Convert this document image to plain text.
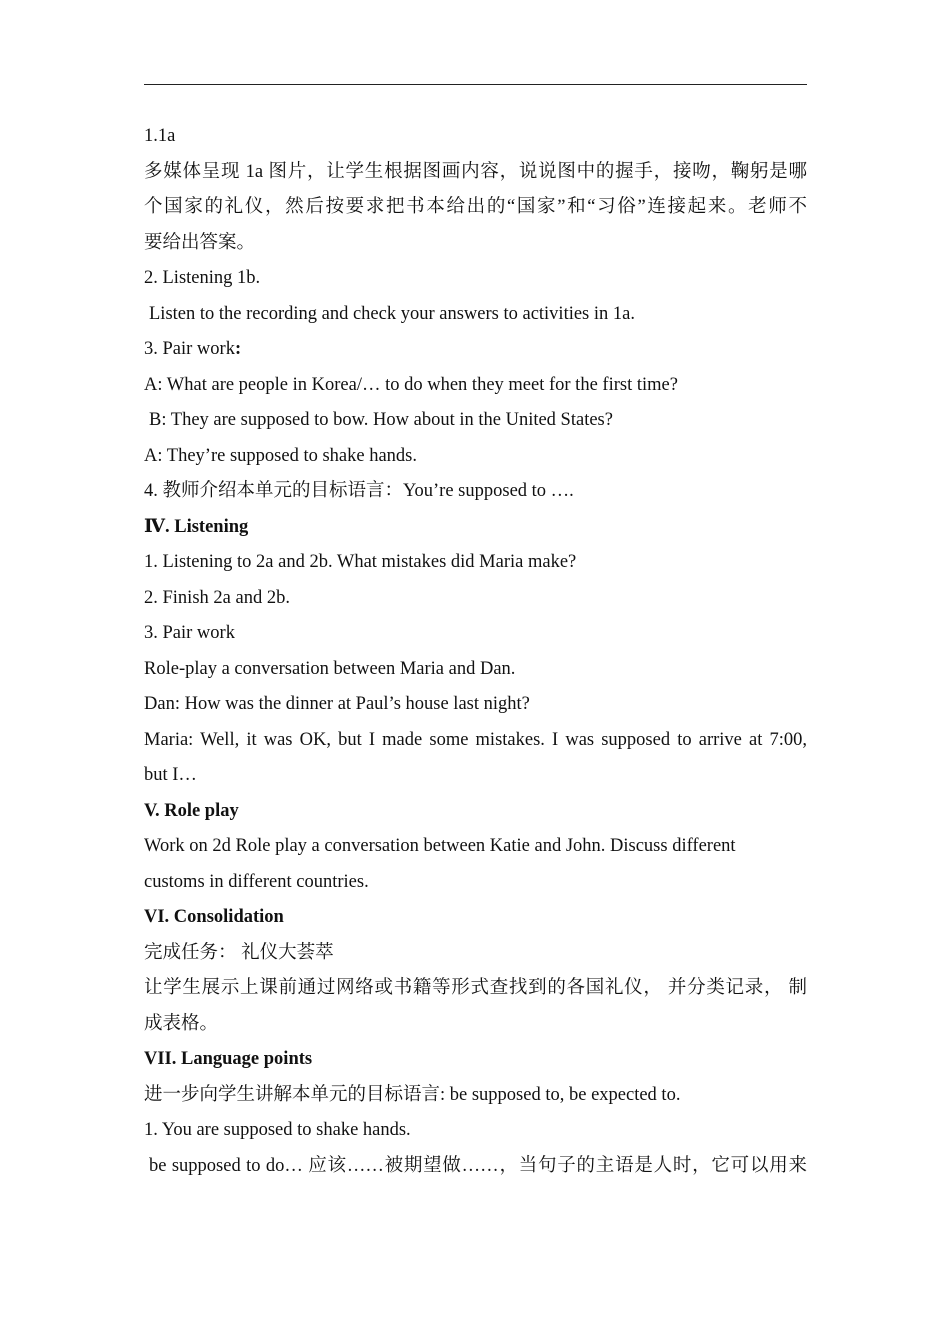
1.1a
多媒体呈现 1a 图片，让学生根据图画内容，说说图中的握手，接吻，鞠躬是哪
个国家的礼仪，然后按要求把书本给出的“国家”和“习俗”连接起来。老师不
要给出答案。
2. Listening 1b.
Listen to the recording and check your answers to activities in 1a.
3. Pair work:
A: What are people in Korea/… to do when they meet for the first time?
B: They are supposed to bow. How about in the United States?
A: They’re supposed to shake hands.
4. 教师介绍本单元的目标语言：You’re supposed to ….
Ⅳ. Listening
1. Listening to 2a and 2b. What mistakes did Maria make?
2. Finish 2a and 2b.
3. Pair work
Role-play a conversation between Maria and Dan.
Dan: How was the dinner at Paul’s house last night?
Maria: Well, it was OK, but I made some mistakes. I was supposed to arrive at 7:00,
but I…
V. Role play
Work on 2d Role play a conversation between Katie and John. Discuss different
customs in different countries.
VI. Consolidation
完成任务： 礼仪大荟萃
让学生展示上课前通过网络或书籍等形式查找到的各国礼仪， 并分类记录， 制
成表格。
VII. Language points
进一步向学生讲解本单元的目标语言: be supposed to, be expected to.
1. You are supposed to shake hands.
be supposed to do… 应该……被期望做……，当句子的主语是人时，它可以用来
